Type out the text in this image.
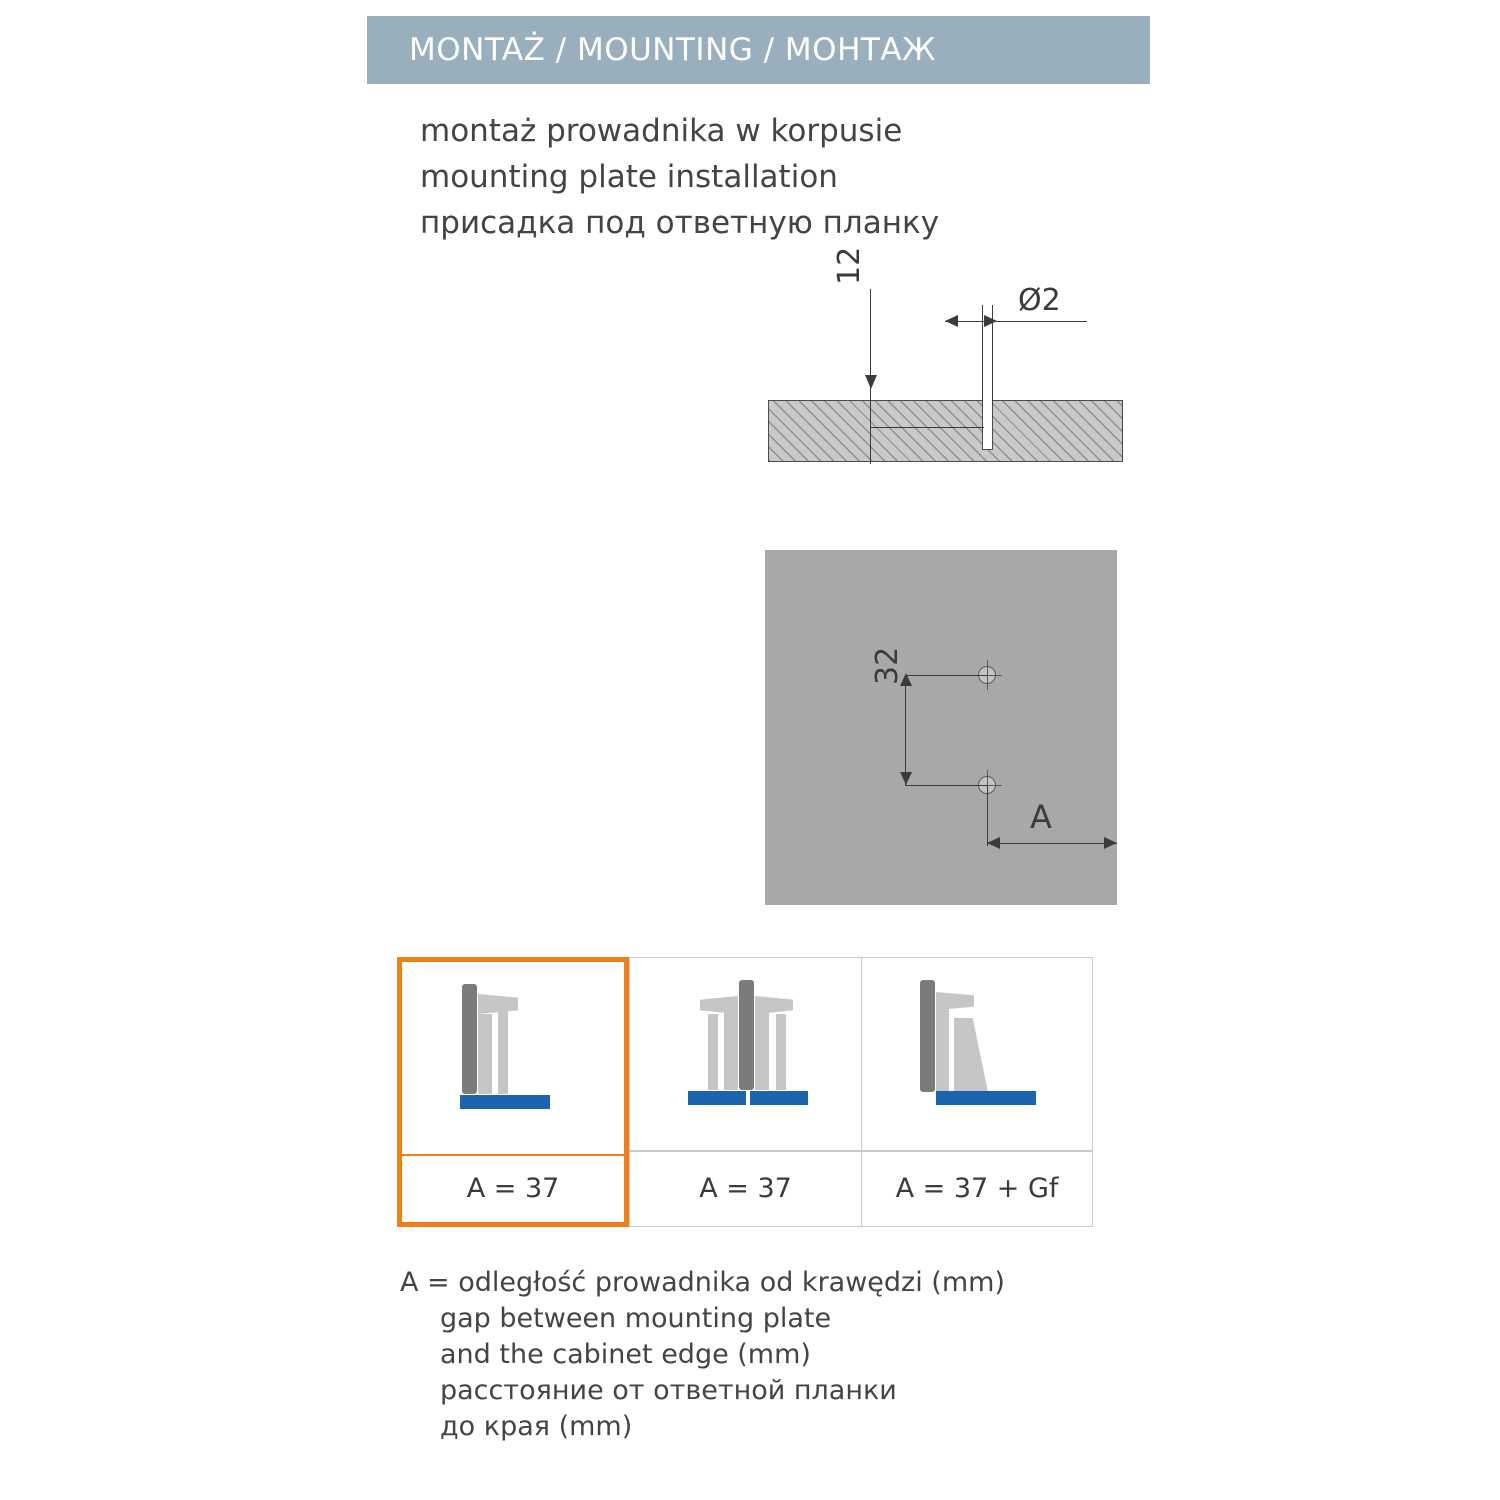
MONTAŻ / MOUNTING / МОНТАЖ
montaż prowadnika w korpusie
mounting plate installation
присадка под ответную планку
12
Ø2
32
A
A = 37	A = 37	A = 37 + Gf
A = odległość prowadnika od krawędzi (mm)
gap between mounting plate
and the cabinet edge (mm)
расстояние от ответной планки
до края (mm)
